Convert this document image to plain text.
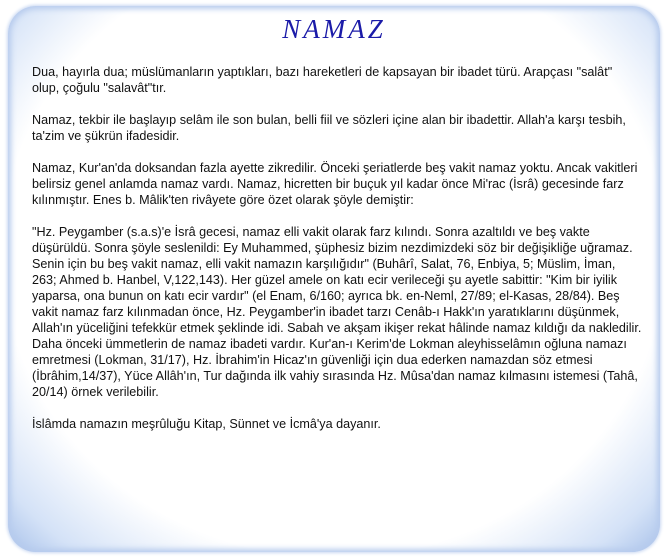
NAMAZ

Dua, hayırla dua; müslümanların yaptıkları, bazı hareketleri de kapsayan bir ibadet türü. Arapçası "salât" olup, çoğulu "salavât"tır.

Namaz, tekbir ile başlayıp selâm ile son bulan, belli fiil ve sözleri içine alan bir ibadettir. Allah'a karşı tesbih, ta'zim ve şükrün ifadesidir.

Namaz, Kur'an'da doksandan fazla ayette zikredilir. Önceki şeriatlerde beş vakit namaz yoktu. Ancak vakitleri belirsiz genel anlamda namaz vardı. Namaz, hicretten bir buçuk yıl kadar önce Mi'rac (İsrâ) gecesinde farz kılınmıştır. Enes b. Mâlik'ten rivâyete göre özet olarak şöyle demiştir:

"Hz. Peygamber (s.a.s)'e İsrâ gecesi, namaz elli vakit olarak farz kılındı. Sonra azaltıldı ve beş vakte düşürüldü. Sonra şöyle seslenildi: Ey Muhammed, şüphesiz bizim nezdimizdeki söz bir değişikliğe uğramaz. Senin için bu beş vakit namaz, elli vakit namazın karşılığıdır" (Buhârî, Salat, 76, Enbiya, 5; Müslim, İman, 263; Ahmed b. Hanbel, V,122,143). Her güzel amele on katı ecir verileceği şu ayetle sabittir: "Kim bir iyilik yaparsa, ona bunun on katı ecir vardır" (el Enam, 6/160; ayrıca bk. en-Neml, 27/89; el-Kasas, 28/84). Beş vakit namaz farz kılınmadan önce, Hz. Peygamber'in ibadet tarzı Cenâb-ı Hakk'ın yaratıklarını düşünmek, Allah'ın yüceliğini tefekkür etmek şeklinde idi. Sabah ve akşam ikişer rekat hâlinde namaz kıldığı da nakledilir. Daha önceki ümmetlerin de namaz ibadeti vardır. Kur'an-ı Kerim'de Lokman aleyhisselâmın oğluna namazı emretmesi (Lokman, 31/17), Hz. İbrahim'in Hicaz'ın güvenliği için dua ederken namazdan söz etmesi (İbrâhim,14/37), Yüce Allâh'ın, Tur dağında ilk vahiy sırasında Hz. Mûsa'dan namaz kılmasını istemesi (Tahâ, 20/14) örnek verilebilir.

İslâmda namazın meşrûluğu Kitap, Sünnet ve İcmâ'ya dayanır.
